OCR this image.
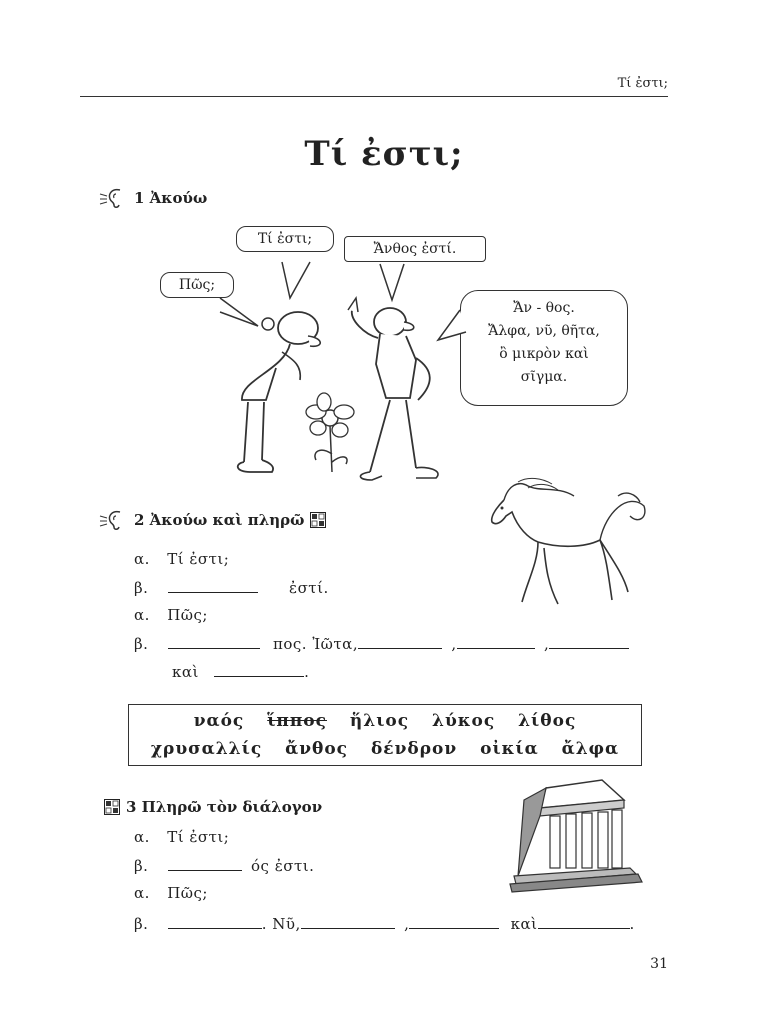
Τί ἐστι;
Τί ἐστι;
1 Ἀκούω
Τί ἐστι;
Πῶς;
Ἄνθος ἐστί.
Ἄν - θος.
Ἄλφα, νῦ, θῆτα,
ὂ μικρὸν καὶ
σῖγμα.
2 Ἀκούω καὶ πληρῶ
α. Τί ἐστι;
β.	ἐστί.
α. Πῶς;
β.	πος. Ἰῶτα,	,	,
καὶ	.
ναός ἵππος ἥλιος λύκος λίθος
χρυσαλλίς ἄνθος δένδρον οἰκία ἄλφα
3 Πληρῶ τὸν διάλογον
α. Τί ἐστι;
β.	ός ἐστι.
α. Πῶς;
β.	. Νῦ,	,	καὶ	.
31
